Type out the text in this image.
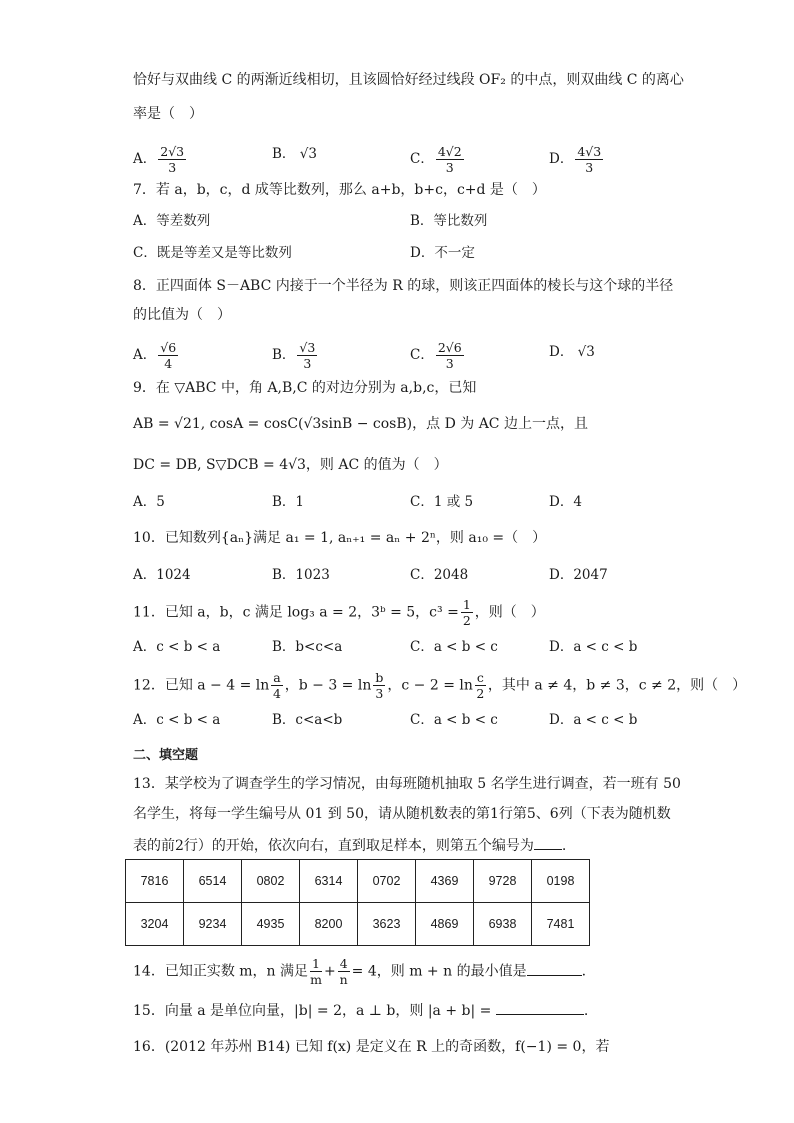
恰好与双曲线 C 的两渐近线相切，且该圆恰好经过线段 OF₂ 的中点，则双曲线 C 的离心
率是（　）
A． $\frac{2√3}{3}$	B． √3	C． $\frac{4√2}{3}$	D． $\frac{4√3}{3}$
7．若 a，b，c，d 成等比数列，那么 a+b，b+c，c+d 是（　）
A．等差数列	B．等比数列
C．既是等差又是等比数列	D．不一定
8．正四面体 S－ABC 内接于一个半径为 R 的球，则该正四面体的棱长与这个球的半径
的比值为（　）
A． $\frac{√6}{4}$	B． $\frac{√3}{3}$	C． $\frac{2√6}{3}$	D． √3
9．在 ▽ABC 中，角 A,B,C 的对边分别为 a,b,c，已知
AB = √21, cosA = cosC(√3sinB − cosB)，点 D 为 AC 边上一点，且
DC = DB, S▽DCB = 4√3，则 AC 的值为（　）
A．5	B．1	C．1 或 5	D．4
10．已知数列{aₙ}满足 a₁ = 1, aₙ₊₁ = aₙ + 2ⁿ，则 a₁₀ =（　）
A．1024	B．1023	C．2048	D．2047
11．已知 a，b，c 满足 log₃ a = 2，3ᵇ = 5，$c^3 = \frac{1}{2}$ ，则（　）
A．c < b < a	B．b<c<a	C．a < b < c	D．a < c < b
12．已知 $a - 4 = \ln \frac{a}{4}$ ，$b - 3 = \ln \frac{b}{3}$ ，$c - 2 = \ln \frac{c}{2}$ ，其中 a ≠ 4，b ≠ 3，c ≠ 2，则（　）
A．c < b < a	B．c<a<b	C．a < b < c	D．a < c < b
二、填空题
13．某学校为了调查学生的学习情况，由每班随机抽取 5 名学生进行调查，若一班有 50
名学生，将每一学生编号从 01 到 50，请从随机数表的第1行第5、6列（下表为随机数
表的前2行）的开始，依次向右，直到取足样本，则第五个编号为 .
7816	6514	0802	6314	0702	4369	9728	0198
3204	9234	4935	8200	3623	4869	6938	7481
14．已知正实数 m，n 满足 $\frac{1}{m} + \frac{4}{n} = 4$，则 m + n 的最小值是	.
15．向量 a 是单位向量，|b| = 2，a ⊥ b，则 |a + b| =	.
16．(2012 年苏州 B14) 已知 f(x) 是定义在 R 上的奇函数，f(−1) = 0，若
